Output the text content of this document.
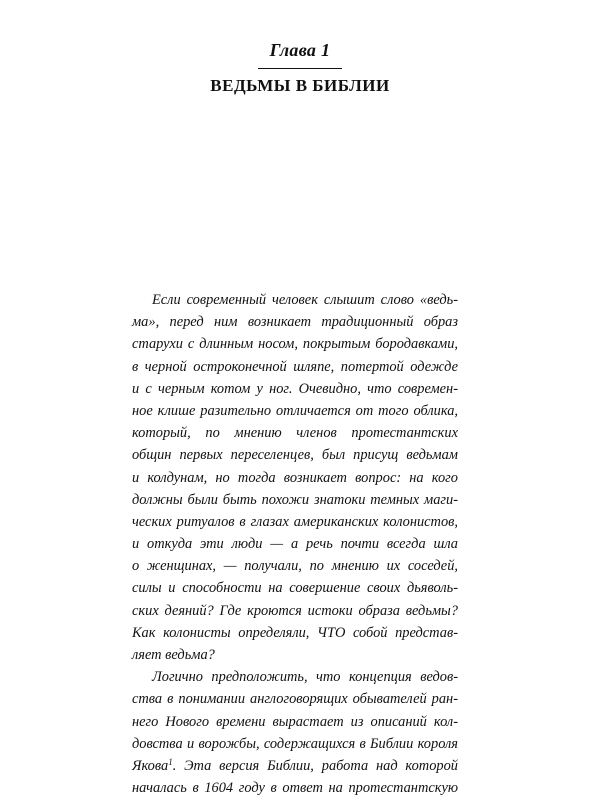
Глава 1
ВЕДЬМЫ В БИБЛИИ
Если современный человек слышит слово «ведь-
ма», перед ним возникает традиционный образ
старухи с длинным носом, покрытым бородавками,
в черной остроконечной шляпе, потертой одежде
и с черным котом у ног. Очевидно, что современ-
ное клише разительно отличается от того облика,
который, по мнению членов протестантских
общин первых переселенцев, был присущ ведьмам
и колдунам, но тогда возникает вопрос: на кого
должны были быть похожи знатоки темных маги-
ческих ритуалов в глазах американских колонистов,
и откуда эти люди — а речь почти всегда шла
о женщинах, — получали, по мнению их соседей,
силы и способности на совершение своих дьяволь-
ских деяний? Где кроются истоки образа ведьмы?
Как колонисты определяли, ЧТО собой представ-
ляет ведьма?
Логично предположить, что концепция ведов-
ства в понимании англоговорящих обывателей ран-
него Нового времени вырастает из описаний кол-
довства и ворожбы, содержащихся в Библии короля
Якова$^1$. Эта версия Библии, работа над которой
началась в 1604 году в ответ на протестантскую
